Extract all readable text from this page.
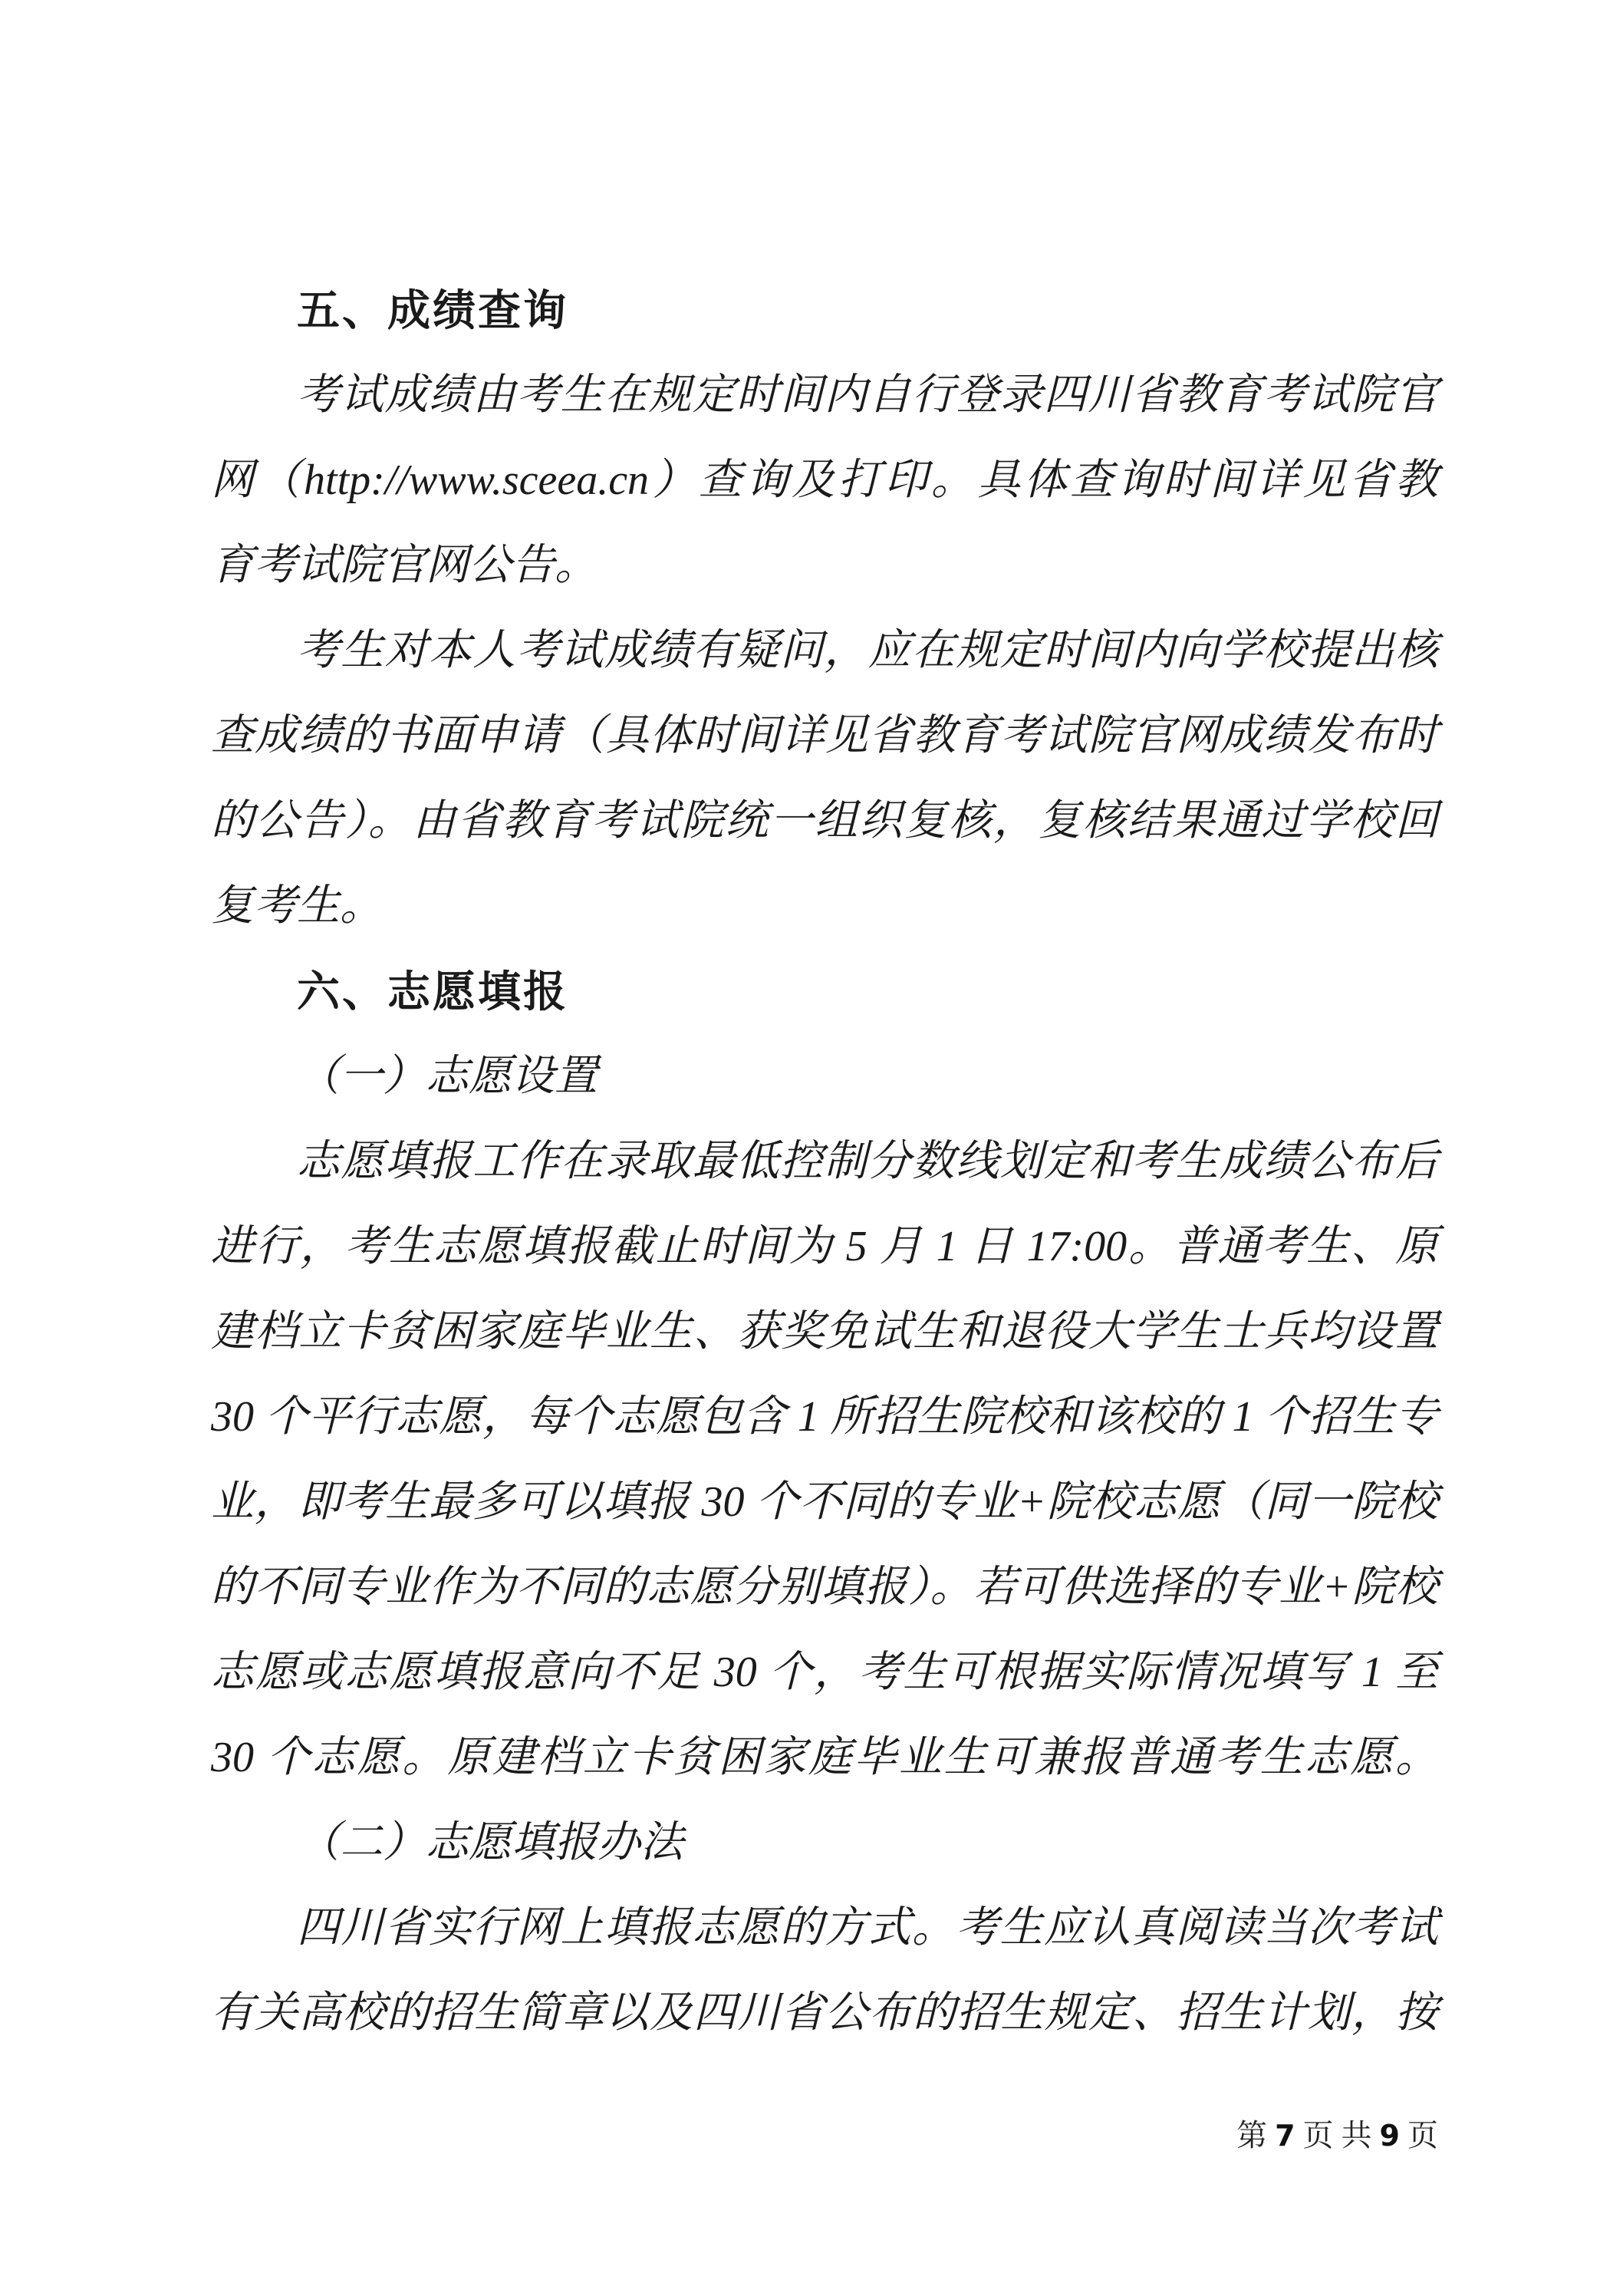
五、成绩查询
考试成绩由考生在规定时间内自行登录四川省教育考试院官
网（http://www.sceea.cn）查询及打印。具体查询时间详见省教
育考试院官网公告。
考生对本人考试成绩有疑问，应在规定时间内向学校提出核
查成绩的书面申请（具体时间详见省教育考试院官网成绩发布时
的公告）。由省教育考试院统一组织复核，复核结果通过学校回
复考生。
六、志愿填报
（一）志愿设置
志愿填报工作在录取最低控制分数线划定和考生成绩公布后
进行，考生志愿填报截止时间为 5 月 1 日 17:00。普通考生、原
建档立卡贫困家庭毕业生、获奖免试生和退役大学生士兵均设置
30 个平行志愿，每个志愿包含 1 所招生院校和该校的 1 个招生专
业，即考生最多可以填报 30 个不同的专业+院校志愿（同一院校
的不同专业作为不同的志愿分别填报）。若可供选择的专业+院校
志愿或志愿填报意向不足 30 个，考生可根据实际情况填写 1 至
30 个志愿。原建档立卡贫困家庭毕业生可兼报普通考生志愿。
（二）志愿填报办法
四川省实行网上填报志愿的方式。考生应认真阅读当次考试
有关高校的招生简章以及四川省公布的招生规定、招生计划，按
第 7 页 共 9 页
